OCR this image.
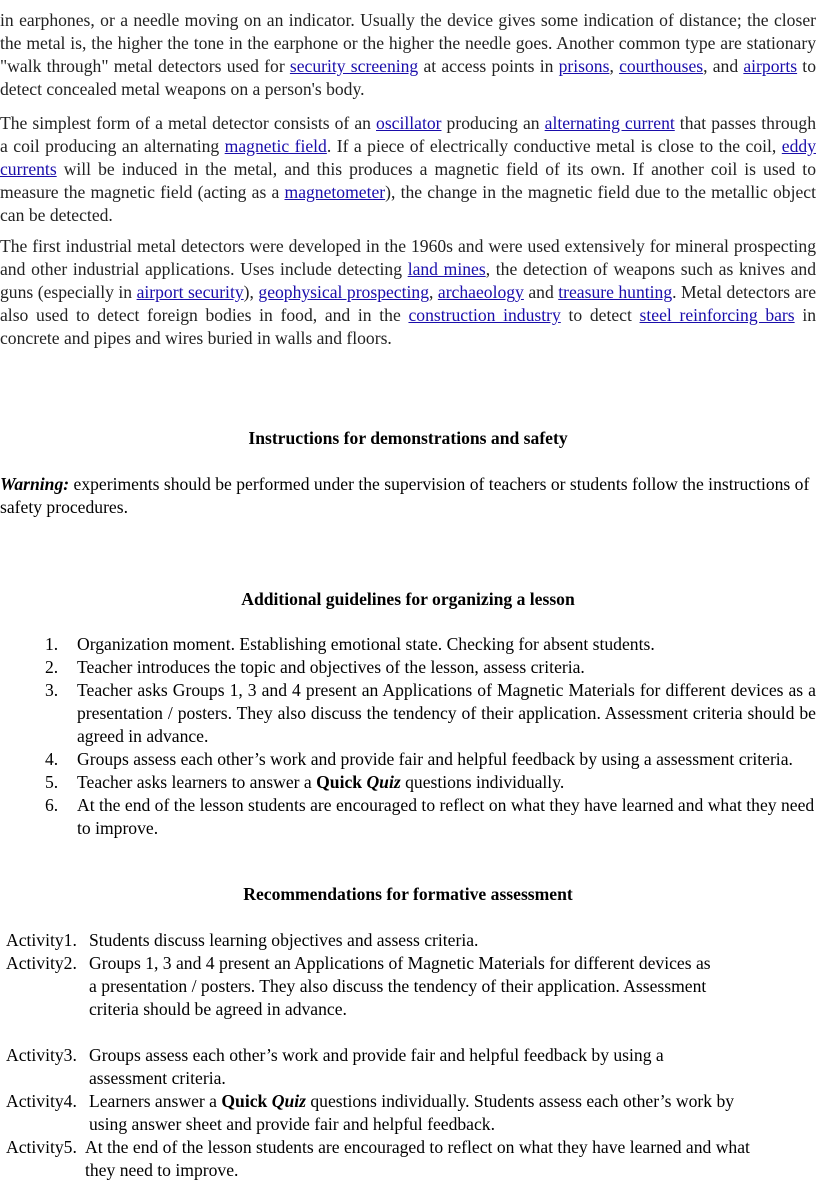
in earphones, or a needle moving on an indicator. Usually the device gives some indication of distance; the closer the metal is, the higher the tone in the earphone or the higher the needle goes. Another common type are stationary "walk through" metal detectors used for security screening at access points in prisons, courthouses, and airports to detect concealed metal weapons on a person's body.

The simplest form of a metal detector consists of an oscillator producing an alternating current that passes through a coil producing an alternating magnetic field. If a piece of electrically conductive metal is close to the coil, eddy currents will be induced in the metal, and this produces a magnetic field of its own. If another coil is used to measure the magnetic field (acting as a magnetometer), the change in the magnetic field due to the metallic object can be detected.

The first industrial metal detectors were developed in the 1960s and were used extensively for mineral prospecting and other industrial applications. Uses include detecting land mines, the detection of weapons such as knives and guns (especially in airport security), geophysical prospecting, archaeology and treasure hunting. Metal detectors are also used to detect foreign bodies in food, and in the construction industry to detect steel reinforcing bars in concrete and pipes and wires buried in walls and floors.

Instructions for demonstrations and safety

Warning: experiments should be performed under the supervision of teachers or students follow the instructions of safety procedures.

Additional guidelines for organizing a lesson
1. Organization moment. Establishing emotional state. Checking for absent students.
2. Teacher introduces the topic and objectives of the lesson, assess criteria.
3. Teacher asks Groups 1, 3 and 4 present an Applications of Magnetic Materials for different devices as a presentation / posters. They also discuss the tendency of their application. Assessment criteria should be agreed in advance.
4. Groups assess each other’s work and provide fair and helpful feedback by using a assessment criteria.
5. Teacher asks learners to answer a Quick Quiz questions individually.
6. At the end of the lesson students are encouraged to reflect on what they have learned and what they need to improve.
Recommendations for formative assessment
Activity1. Students discuss learning objectives and assess criteria.
Activity2. Groups 1, 3 and 4 present an Applications of Magnetic Materials for different devices as a presentation / posters. They also discuss the tendency of their application. Assessment criteria should be agreed in advance.
Activity3. Groups assess each other’s work and provide fair and helpful feedback by using a assessment criteria.
Activity4. Learners answer a Quick Quiz questions individually. Students assess each other’s work by using answer sheet and provide fair and helpful feedback.
Activity5. At the end of the lesson students are encouraged to reflect on what they have learned and what they need to improve.
